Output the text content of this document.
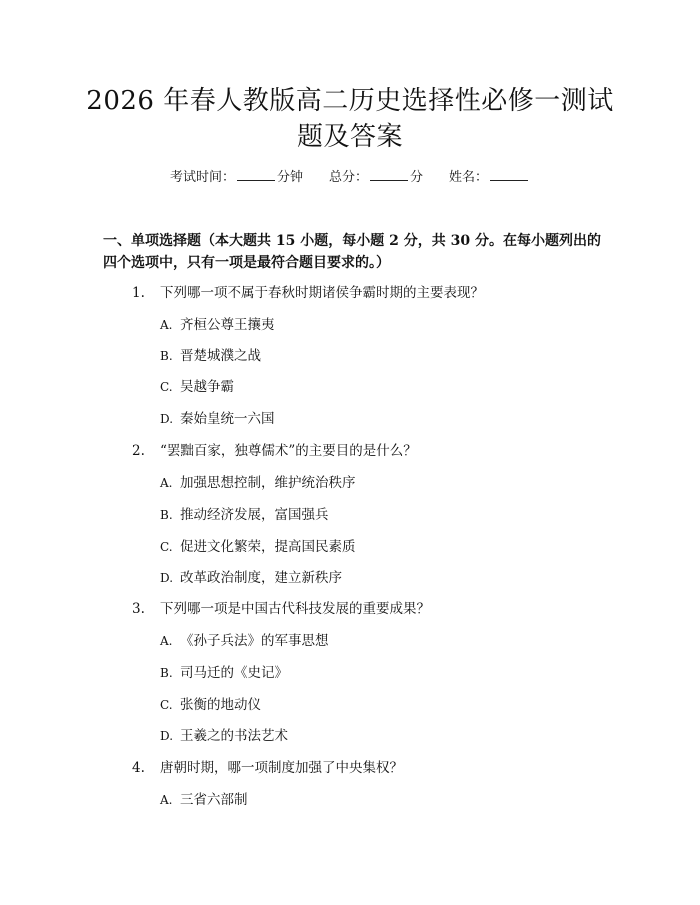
2026 年春人教版高二历史选择性必修一测试
题及答案
考试时间：	分钟 总分：	分 姓名：
一、单项选择题（本大题共 15 小题，每小题 2 分，共 30 分。在每小题列出的四个选项中，只有一项是最符合题目要求的。）
1. 下列哪一项不属于春秋时期诸侯争霸时期的主要表现？
A. 齐桓公尊王攘夷
B. 晋楚城濮之战
C. 吴越争霸
D. 秦始皇统一六国
2. “罢黜百家，独尊儒术”的主要目的是什么？
A. 加强思想控制，维护统治秩序
B. 推动经济发展，富国强兵
C. 促进文化繁荣，提高国民素质
D. 改革政治制度，建立新秩序
3. 下列哪一项是中国古代科技发展的重要成果？
A. 《孙子兵法》的军事思想
B. 司马迁的《史记》
C. 张衡的地动仪
D. 王羲之的书法艺术
4. 唐朝时期，哪一项制度加强了中央集权？
A. 三省六部制
